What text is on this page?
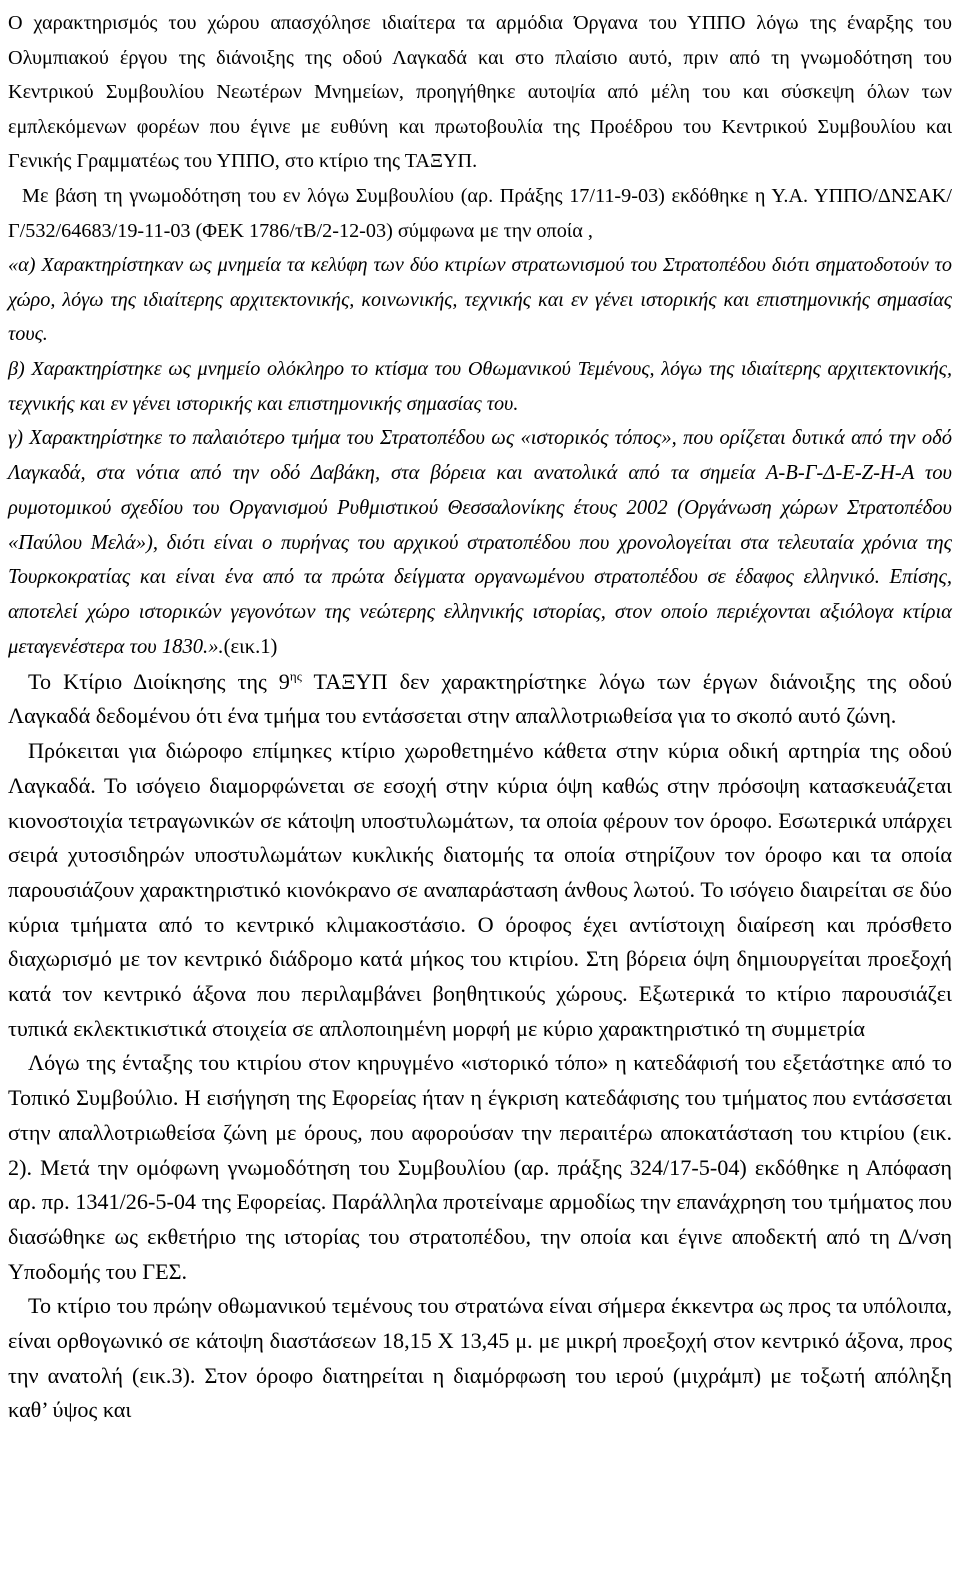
Ο χαρακτηρισμός του χώρου απασχόλησε ιδιαίτερα τα αρμόδια Όργανα του ΥΠΠΟ λόγω της έναρξης του Ολυμπιακού έργου της διάνοιξης της οδού Λαγκαδά και στο πλαίσιο αυτό, πριν από τη γνωμοδότηση του Κεντρικού Συμβουλίου Νεωτέρων Μνημείων, προηγήθηκε αυτοψία από μέλη του και σύσκεψη όλων των εμπλεκόμενων φορέων που έγινε με ευθύνη και πρωτοβουλία της Προέδρου του Κεντρικού Συμβουλίου και Γενικής Γραμματέως του ΥΠΠΟ, στο κτίριο της ΤΑΞΥΠ.

Με βάση τη γνωμοδότηση του εν λόγω Συμβουλίου (αρ. Πράξης 17/11-9-03) εκδόθηκε η Υ.Α. ΥΠΠΟ/ΔΝΣΑΚ/Γ/532/64683/19-11-03 (ΦΕΚ 1786/τΒ/2-12-03) σύμφωνα με την οποία ,

«α) Χαρακτηρίστηκαν ως μνημεία τα κελύφη των δύο κτιρίων στρατωνισμού του Στρατοπέδου διότι σηματοδοτούν το χώρο, λόγω της ιδιαίτερης αρχιτεκτονικής, κοινωνικής, τεχνικής και εν γένει ιστορικής και επιστημονικής σημασίας τους.

β) Χαρακτηρίστηκε ως μνημείο ολόκληρο το κτίσμα του Οθωμανικού Τεμένους, λόγω της ιδιαίτερης αρχιτεκτονικής, τεχνικής και εν γένει ιστορικής και επιστημονικής σημασίας του.

γ) Χαρακτηρίστηκε το παλαιότερο τμήμα του Στρατοπέδου ως «ιστορικός τόπος», που ορίζεται δυτικά από την οδό Λαγκαδά, στα νότια από την οδό Δαβάκη, στα βόρεια και ανατολικά από τα σημεία Α-Β-Γ-Δ-Ε-Ζ-Η-Α του ρυμοτομικού σχεδίου του Οργανισμού Ρυθμιστικού Θεσσαλονίκης έτους 2002 (Οργάνωση χώρων Στρατοπέδου «Παύλου Μελά»), διότι είναι ο πυρήνας του αρχικού στρατοπέδου που χρονολογείται στα τελευταία χρόνια της Τουρκοκρατίας και είναι ένα από τα πρώτα δείγματα οργανωμένου στρατοπέδου σε έδαφος ελληνικό. Επίσης, αποτελεί χώρο ιστορικών γεγονότων της νεώτερης ελληνικής ιστορίας, στον οποίο περιέχονται αξιόλογα κτίρια μεταγενέστερα του 1830.».(εικ.1)

Το Κτίριο Διοίκησης της $9^{\eta\varsigma}$ ΤΑΞΥΠ δεν χαρακτηρίστηκε λόγω των έργων διάνοιξης της οδού Λαγκαδά δεδομένου ότι ένα τμήμα του εντάσσεται στην απαλλοτριωθείσα για το σκοπό αυτό ζώνη.

Πρόκειται για διώροφο επίμηκες κτίριο χωροθετημένο κάθετα στην κύρια οδική αρτηρία της οδού Λαγκαδά. Το ισόγειο διαμορφώνεται σε εσοχή στην κύρια όψη καθώς στην πρόσοψη κατασκευάζεται κιονοστοιχία τετραγωνικών σε κάτοψη υποστυλωμάτων, τα οποία φέρουν τον όροφο. Εσωτερικά υπάρχει σειρά χυτοσιδηρών υποστυλωμάτων κυκλικής διατομής τα οποία στηρίζουν τον όροφο και τα οποία παρουσιάζουν χαρακτηριστικό κιονόκρανο σε αναπαράσταση άνθους λωτού. Το ισόγειο διαιρείται σε δύο κύρια τμήματα από το κεντρικό κλιμακοστάσιο. Ο όροφος έχει αντίστοιχη διαίρεση και πρόσθετο διαχωρισμό με τον κεντρικό διάδρομο κατά μήκος του κτιρίου. Στη βόρεια όψη δημιουργείται προεξοχή κατά τον κεντρικό άξονα που περιλαμβάνει βοηθητικούς χώρους. Εξωτερικά το κτίριο παρουσιάζει τυπικά εκλεκτικιστικά στοιχεία σε απλοποιημένη μορφή με κύριο χαρακτηριστικό τη συμμετρία

Λόγω της ένταξης του κτιρίου στον κηρυγμένο «ιστορικό τόπο» η κατεδάφισή του εξετάστηκε από το Τοπικό Συμβούλιο. Η εισήγηση της Εφορείας ήταν η έγκριση κατεδάφισης του τμήματος που εντάσσεται στην απαλλοτριωθείσα ζώνη με όρους, που αφορούσαν την περαιτέρω αποκατάσταση του κτιρίου (εικ. 2). Μετά την ομόφωνη γνωμοδότηση του Συμβουλίου (αρ. πράξης 324/17-5-04) εκδόθηκε η Απόφαση αρ. πρ. 1341/26-5-04 της Εφορείας. Παράλληλα προτείναμε αρμοδίως την επανάχρηση του τμήματος που διασώθηκε ως εκθετήριο της ιστορίας του στρατοπέδου, την οποία και έγινε αποδεκτή από τη Δ/νση Υποδομής του ΓΕΣ.

Το κτίριο του πρώην οθωμανικού τεμένους του στρατώνα είναι σήμερα έκκεντρα ως προς τα υπόλοιπα, είναι ορθογωνικό σε κάτοψη διαστάσεων 18,15 Χ 13,45 μ. με μικρή προεξοχή στον κεντρικό άξονα, προς την ανατολή (εικ.3). Στον όροφο διατηρείται η διαμόρφωση του ιερού (μιχράμπ) με τοξωτή απόληξη καθ’ ύψος και
